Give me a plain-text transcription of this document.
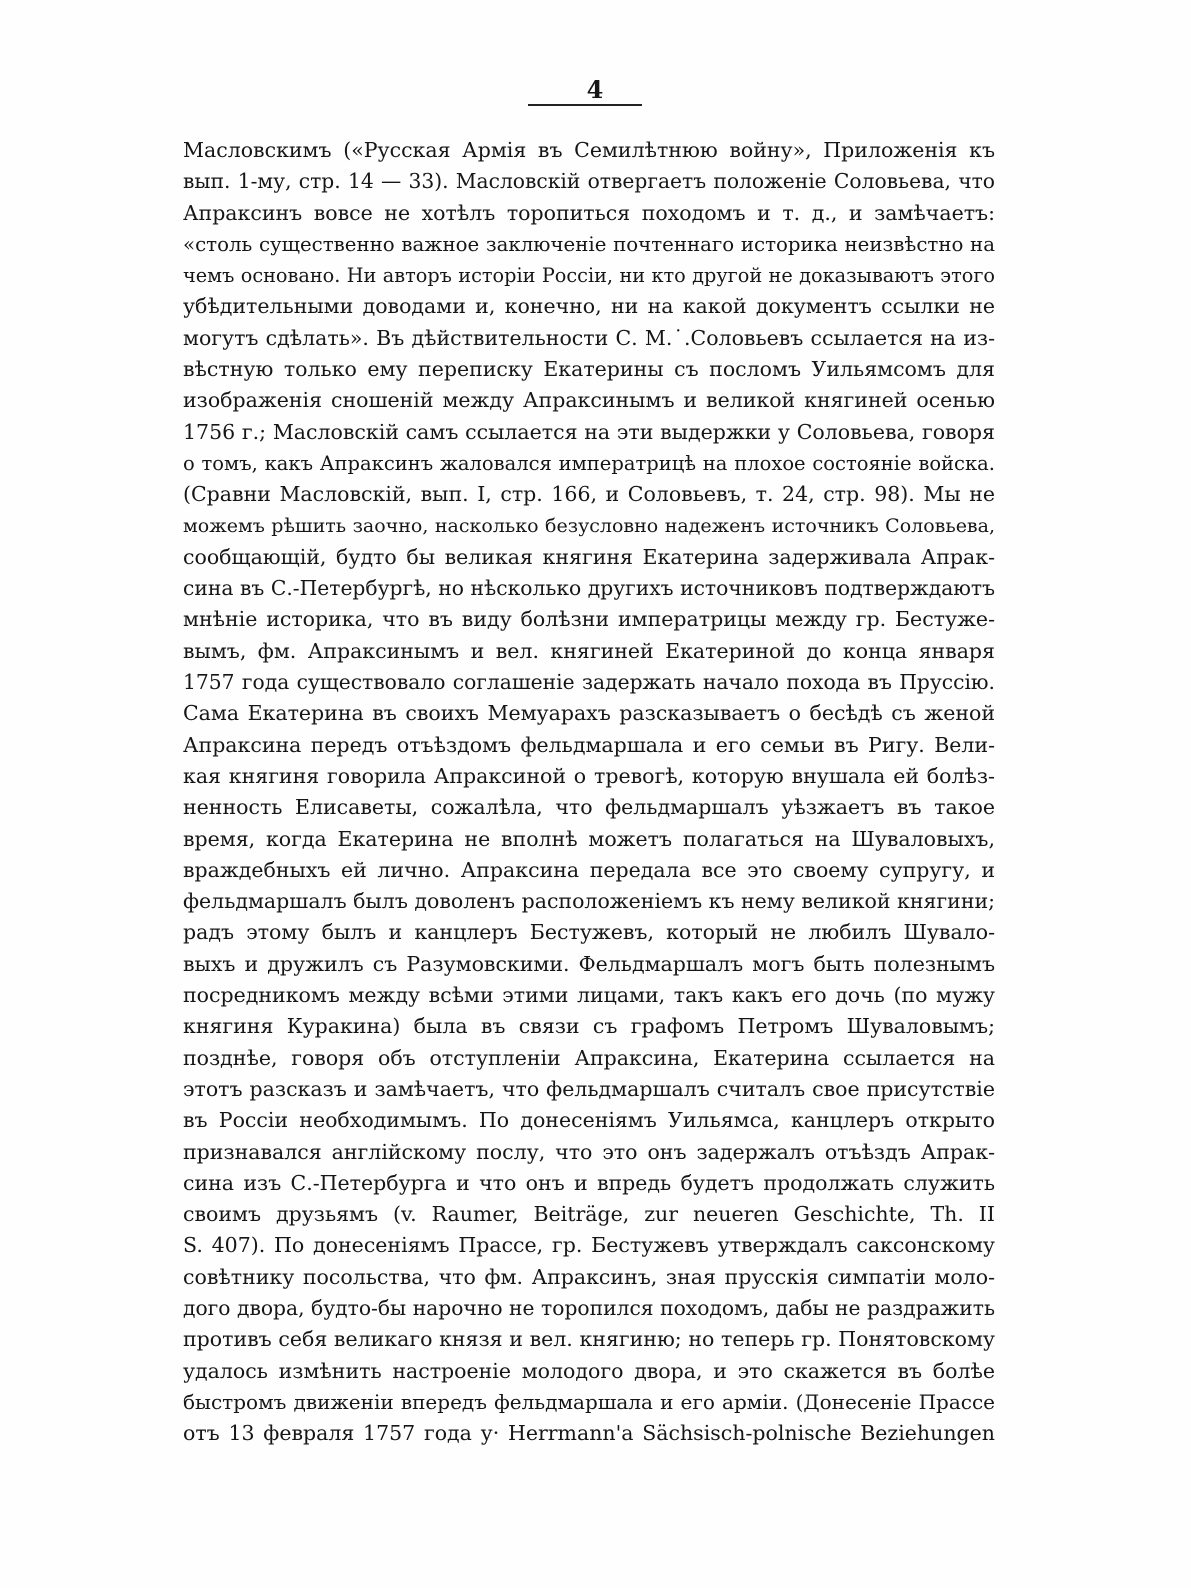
4
Масловскимъ («Русская Армія въ Семилѣтнюю войну», Приложенія къ
вып. 1-му, стр. 14 — 33). Масловскій отвергаетъ положеніе Соловьева, что
Апраксинъ вовсе не хотѣлъ торопиться походомъ и т. д., и замѣчаетъ:
«столь существенно важное заключеніе почтеннаго историка неизвѣстно на
чемъ основано. Ни авторъ исторіи Россіи, ни кто другой не доказываютъ этого
убѣдительными доводами и, конечно, ни на какой документъ ссылки не
могутъ сдѣлать». Въ дѣйствительности С. М.˙.Соловьевъ ссылается на из-
вѣстную только ему переписку Екатерины съ посломъ Уильямсомъ для
изображенія сношеній между Апраксинымъ и великой княгиней осенью
1756 г.; Масловскій самъ ссылается на эти выдержки у Соловьева, говоря
о томъ, какъ Апраксинъ жаловался императрицѣ на плохое состояніе войска.
(Сравни Масловскій, вып. I, стр. 166, и Соловьевъ, т. 24, стр. 98). Мы не
можемъ рѣшить заочно, насколько безусловно надеженъ источникъ Соловьева,
сообщающій, будто бы великая княгиня Екатерина задерживала Апрак-
сина въ С.-Петербургѣ, но нѣсколько другихъ источниковъ подтверждаютъ
мнѣніе историка, что въ виду болѣзни императрицы между гр. Бестуже-
вымъ, фм. Апраксинымъ и вел. княгиней Екатериной до конца января
1757 года существовало соглашеніе задержать начало похода въ Пруссію.
Сама Екатерина въ своихъ Мемуарахъ разсказываетъ о бесѣдѣ съ женой
Апраксина передъ отъѣздомъ фельдмаршала и его семьи въ Ригу. Вели-
кая княгиня говорила Апраксиной о тревогѣ, которую внушала ей болѣз-
ненность Елисаветы, сожалѣла, что фельдмаршалъ уѣзжаетъ въ такое
время, когда Екатерина не вполнѣ можетъ полагаться на Шуваловыхъ,
враждебныхъ ей лично. Апраксина передала все это своему супругу, и
фельдмаршалъ былъ доволенъ расположеніемъ къ нему великой княгини;
радъ этому былъ и канцлеръ Бестужевъ, который не любилъ Шувало-
выхъ и дружилъ съ Разумовскими. Фельдмаршалъ могъ быть полезнымъ
посредникомъ между всѣми этими лицами, такъ какъ его дочь (по мужу
княгиня Куракина) была въ связи съ графомъ Петромъ Шуваловымъ;
позднѣе, говоря объ отступленіи Апраксина, Екатерина ссылается на
этотъ разсказъ и замѣчаетъ, что фельдмаршалъ считалъ свое присутствіе
въ Россіи необходимымъ. По донесеніямъ Уильямса, канцлеръ открыто
признавался англійскому послу, что это онъ задержалъ отъѣздъ Апрак-
сина изъ С.-Петербурга и что онъ и впредь будетъ продолжать служить
своимъ друзьямъ (v. Raumer, Beiträge, zur neueren Geschichte, Th. II
S. 407). По донесеніямъ Прассе, гр. Бестужевъ утверждалъ саксонскому
совѣтнику посольства, что фм. Апраксинъ, зная прусскія симпатіи моло-
дого двора, будто-бы нарочно не торопился походомъ, дабы не раздражить
противъ себя великаго князя и вел. княгиню; но теперь гр. Понятовскому
удалось измѣнить настроеніе молодого двора, и это скажется въ болѣе
быстромъ движеніи впередъ фельдмаршала и его арміи. (Донесеніе Прассе
отъ 13 февраля 1757 года у· Herrmann'a Sächsisch-polnische Beziehungen
